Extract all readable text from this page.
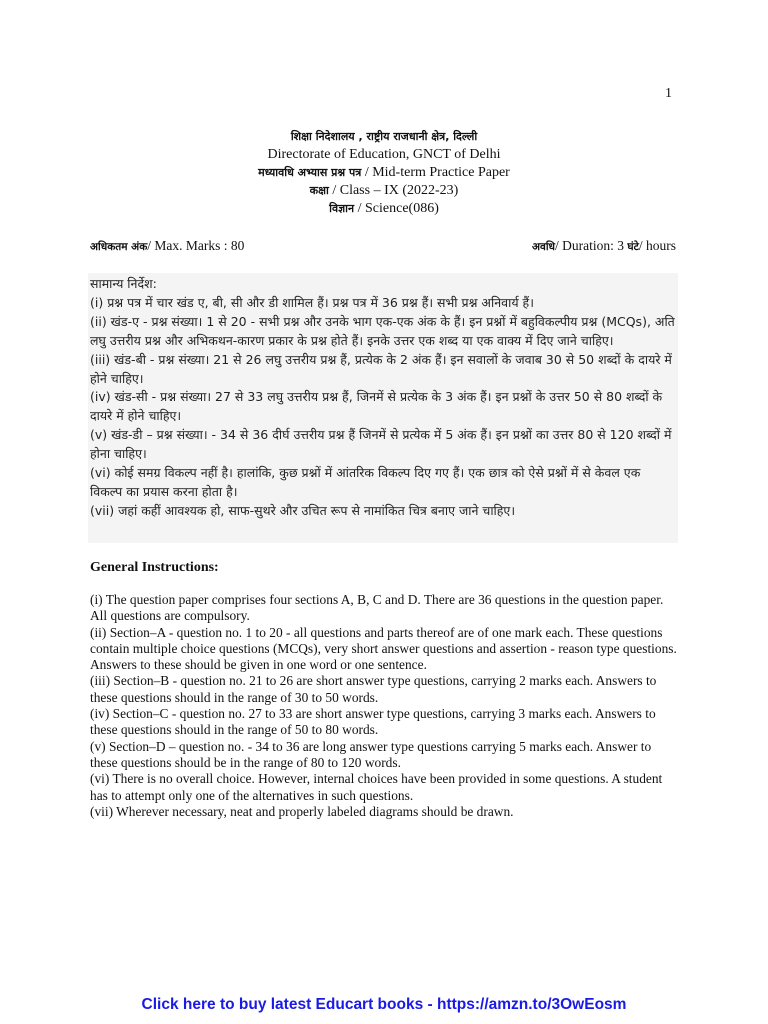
1
शिक्षा निदेशालय , राष्ट्रीय राजधानी क्षेत्र, दिल्ली
Directorate of Education, GNCT of Delhi
मध्यावधि अभ्यास प्रश्न पत्र / Mid-term Practice Paper
कक्षा / Class – IX (2022-23)
विज्ञान / Science(086)
अधिकतम अंक/ Max. Marks : 80	अवधि/ Duration: 3 घंटे/ hours
सामान्य निर्देश:
(i) प्रश्न पत्र में चार खंड ए, बी, सी और डी शामिल हैं। प्रश्न पत्र में 36 प्रश्न हैं। सभी प्रश्न अनिवार्य हैं।
(ii) खंड-ए - प्रश्न संख्या। 1 से 20 - सभी प्रश्न और उनके भाग एक-एक अंक के हैं। इन प्रश्नों में बहुविकल्पीय प्रश्न (MCQs), अति लघु उत्तरीय प्रश्न और अभिकथन-कारण प्रकार के प्रश्न होते हैं। इनके उत्तर एक शब्द या एक वाक्य में दिए जाने चाहिए।
(iii) खंड-बी - प्रश्न संख्या। 21 से 26 लघु उत्तरीय प्रश्न हैं, प्रत्येक के 2 अंक हैं। इन सवालों के जवाब 30 से 50 शब्दों के दायरे में होने चाहिए।
(iv) खंड-सी - प्रश्न संख्या। 27 से 33 लघु उत्तरीय प्रश्न हैं, जिनमें से प्रत्येक के 3 अंक हैं। इन प्रश्नों के उत्तर 50 से 80 शब्दों के दायरे में होने चाहिए।
(v) खंड-डी – प्रश्न संख्या। - 34 से 36 दीर्घ उत्तरीय प्रश्न हैं जिनमें से प्रत्येक में 5 अंक हैं। इन प्रश्नों का उत्तर 80 से 120 शब्दों में होना चाहिए।
(vi) कोई समग्र विकल्प नहीं है। हालांकि, कुछ प्रश्नों में आंतरिक विकल्प दिए गए हैं। एक छात्र को ऐसे प्रश्नों में से केवल एक विकल्प का प्रयास करना होता है।
(vii) जहां कहीं आवश्यक हो, साफ-सुथरे और उचित रूप से नामांकित चित्र बनाए जाने चाहिए।
General Instructions:

(i) The question paper comprises four sections A, B, C and D. There are 36 questions in the question paper. All questions are compulsory.

(ii) Section–A - question no. 1 to 20 - all questions and parts thereof are of one mark each. These questions contain multiple choice questions (MCQs), very short answer questions and assertion - reason type questions. Answers to these should be given in one word or one sentence.

(iii) Section–B - question no. 21 to 26 are short answer type questions, carrying 2 marks each. Answers to these questions should in the range of 30 to 50 words.

(iv) Section–C - question no. 27 to 33 are short answer type questions, carrying 3 marks each. Answers to these questions should in the range of 50 to 80 words.

(v) Section–D – question no. - 34 to 36 are long answer type questions carrying 5 marks each. Answer to these questions should be in the range of 80 to 120 words.

(vi) There is no overall choice. However, internal choices have been provided in some questions. A student has to attempt only one of the alternatives in such questions.

(vii) Wherever necessary, neat and properly labeled diagrams should be drawn.

Click here to buy latest Educart books - https://amzn.to/3OwEosm
